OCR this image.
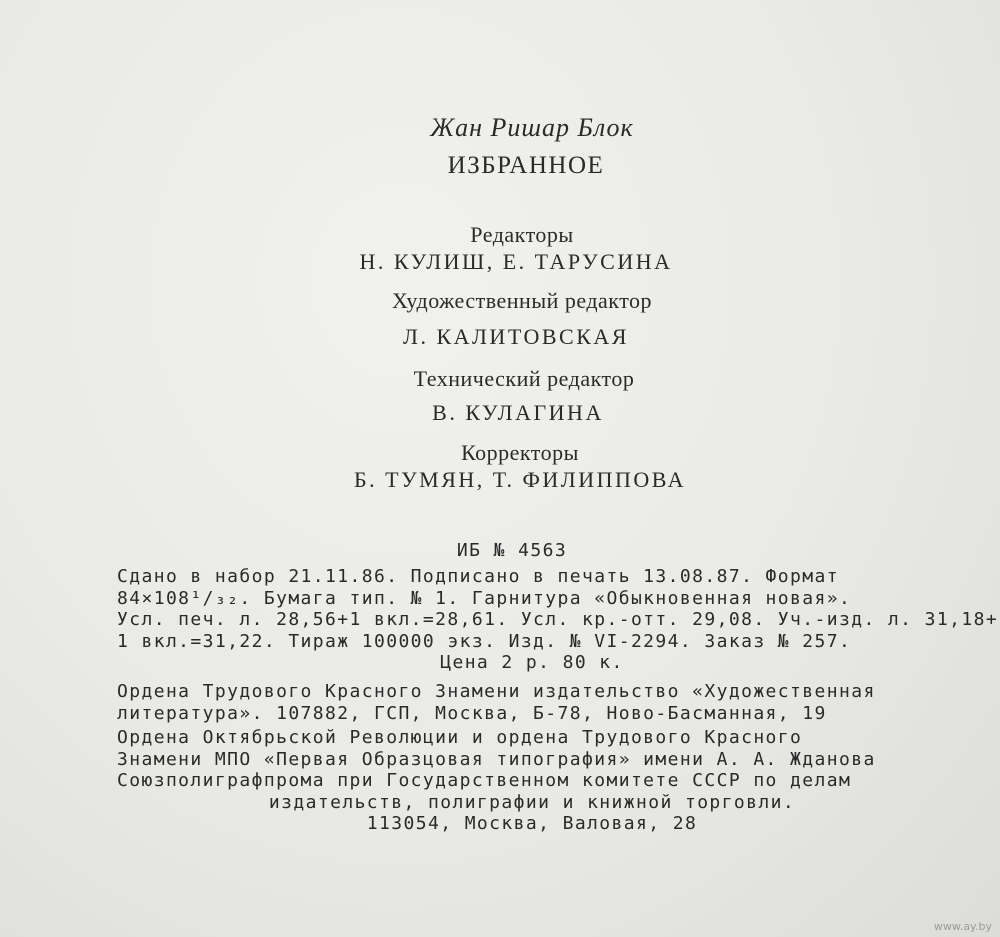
Жан Ришар Блок
ИЗБРАННОЕ
Редакторы
Н. КУЛИШ, Е. ТАРУСИНА
Художественный редактор
Л. КАЛИТОВСКАЯ
Технический редактор
В. КУЛАГИНА
Корректоры
Б. ТУМЯН, Т. ФИЛИППОВА
ИБ № 4563
Сдано в набор 21.11.86. Подписано в печать 13.08.87. Формат
84×108¹/₃₂. Бумага тип. № 1. Гарнитура «Обыкновенная новая».
Усл. печ. л. 28,56+1 вкл.=28,61. Усл. кр.-отт. 29,08. Уч.-изд. л. 31,18+
1 вкл.=31,22. Тираж 100000 экз. Изд. № VI-2294. Заказ № 257.
Цена 2 р. 80 к.
Ордена Трудового Красного Знамени издательство «Художественная
литература». 107882, ГСП, Москва, Б-78, Ново-Басманная, 19
Ордена Октябрьской Революции и ордена Трудового Красного
Знамени МПО «Первая Образцовая типография» имени А. А. Жданова
Союзполиграфпрома при Государственном комитете СССР по делам
издательств, полиграфии и книжной торговли.
113054, Москва, Валовая, 28
www.ay.by
